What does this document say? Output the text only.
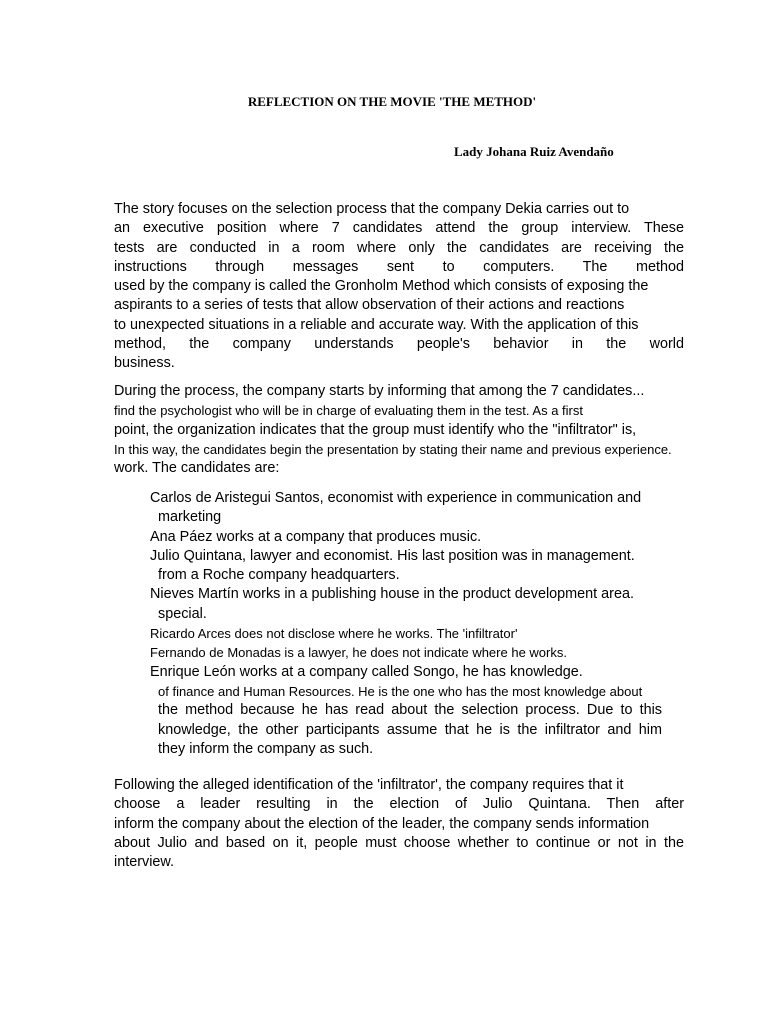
REFLECTION ON THE MOVIE 'THE METHOD'
Lady Johana Ruiz Avendaño
The story focuses on the selection process that the company Dekia carries out to
an executive position where 7 candidates attend the group interview. These
tests are conducted in a room where only the candidates are receiving the
instructions through messages sent to computers. The method
used by the company is called the Gronholm Method which consists of exposing the
aspirants to a series of tests that allow observation of their actions and reactions
to unexpected situations in a reliable and accurate way. With the application of this
method, the company understands people's behavior in the world
business.
During the process, the company starts by informing that among the 7 candidates...
find the psychologist who will be in charge of evaluating them in the test. As a first
point, the organization indicates that the group must identify who the "infiltrator" is,
In this way, the candidates begin the presentation by stating their name and previous experience.
work. The candidates are:
Carlos de Aristegui Santos, economist with experience in communication and
marketing
Ana Páez works at a company that produces music.
Julio Quintana, lawyer and economist. His last position was in management.
from a Roche company headquarters.
Nieves Martín works in a publishing house in the product development area.
special.
Ricardo Arces does not disclose where he works. The 'infiltrator'
Fernando de Monadas is a lawyer, he does not indicate where he works.
Enrique León works at a company called Songo, he has knowledge.
of finance and Human Resources. He is the one who has the most knowledge about
the method because he has read about the selection process. Due to this
knowledge, the other participants assume that he is the infiltrator and him
they inform the company as such.
Following the alleged identification of the 'infiltrator', the company requires that it
choose a leader resulting in the election of Julio Quintana. Then after
inform the company about the election of the leader, the company sends information
about Julio and based on it, people must choose whether to continue or not in the
interview.
